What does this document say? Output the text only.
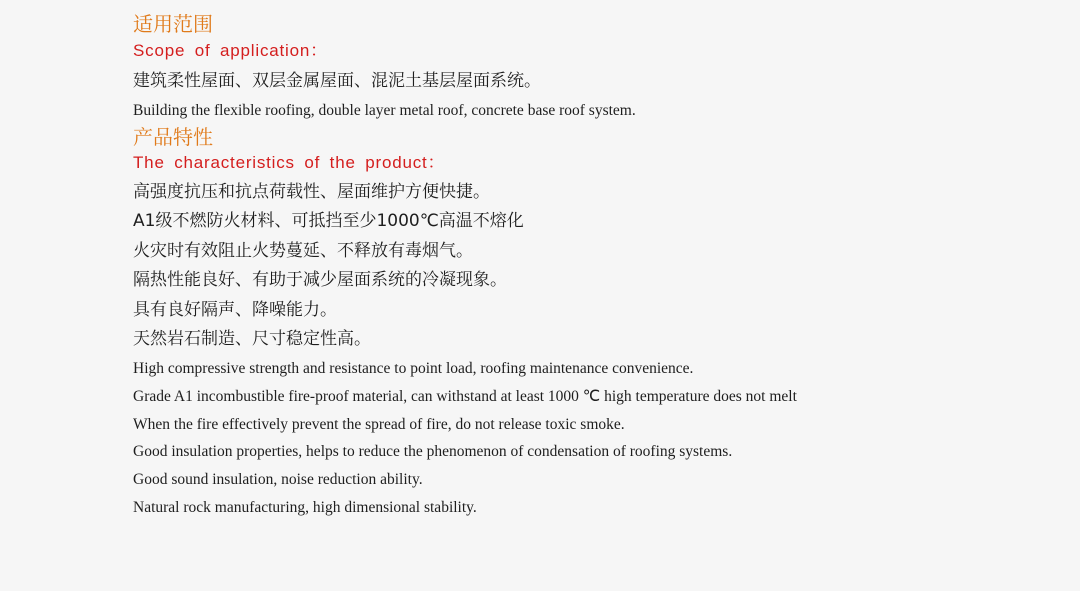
适用范围
Scope of application：
建筑柔性屋面、双层金属屋面、混泥土基层屋面系统。
Building the flexible roofing, double layer metal roof, concrete base roof system.
产品特性
The characteristics of the product：
高强度抗压和抗点荷载性、屋面维护方便快捷。
A1级不燃防火材料、可抵挡至少1000℃高温不熔化
火灾时有效阻止火势蔓延、不释放有毒烟气。
隔热性能良好、有助于减少屋面系统的冷凝现象。
具有良好隔声、降噪能力。
天然岩石制造、尺寸稳定性高。
High compressive strength and resistance to point load, roofing maintenance convenience.
Grade A1 incombustible fire-proof material, can withstand at least 1000 ℃ high temperature does not melt
When the fire effectively prevent the spread of fire, do not release toxic smoke.
Good insulation properties, helps to reduce the phenomenon of condensation of roofing systems.
Good sound insulation, noise reduction ability.
Natural rock manufacturing, high dimensional stability.
